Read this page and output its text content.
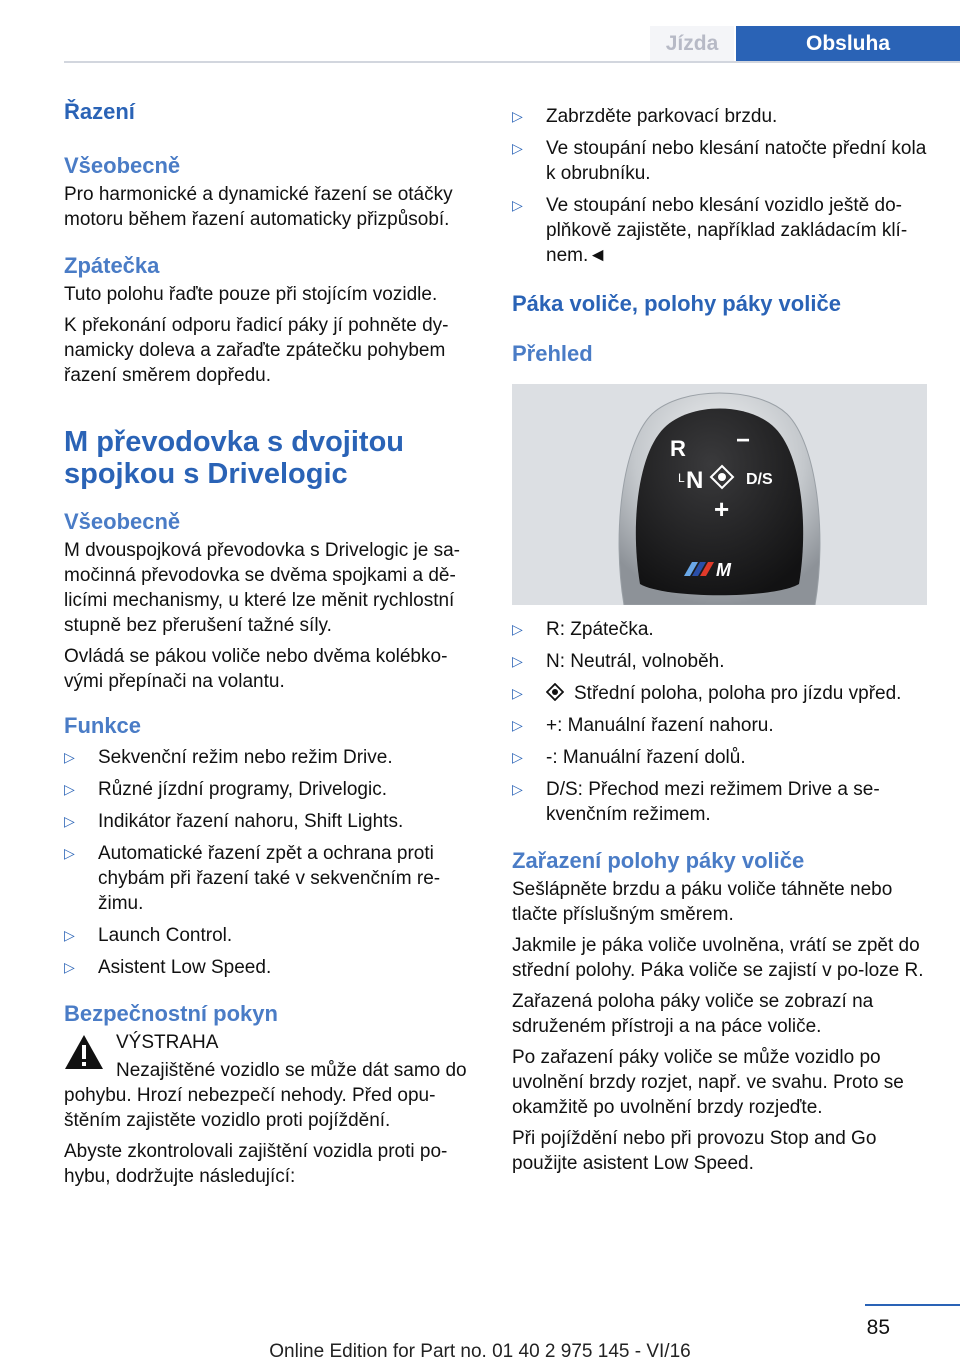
Jízda	Obsluha
Řazení
Všeobecně

Pro harmonické a dynamické řazení se otáčky motoru během řazení automaticky přizpůsobí.

Zpátečka

Tuto polohu řaďte pouze při stojícím vozidle.

K překonání odporu řadicí páky jí pohněte dy‐namicky doleva a zařaďte zpátečku pohybem řazení směrem dopředu.

M převodovka s dvojitou spojkou s Drivelogic
Všeobecně

M dvouspojková převodovka s Drivelogic je sa‐močinná převodovka se dvěma spojkami a dě‐licími mechanismy, u které lze měnit rychlostní stupně bez přerušení tažné síly.

Ovládá se pákou voliče nebo dvěma kolébko‐vými přepínači na volantu.

Funkce
▷ Sekvenční režim nebo režim Drive.
▷ Různé jízdní programy, Drivelogic.
▷ Indikátor řazení nahoru, Shift Lights.
▷ Automatické řazení zpět a ochrana proti chybám při řazení také v sekvenčním re‐žimu.
▷ Launch Control.
▷ Asistent Low Speed.
Bezpečnostní pokyn

VÝSTRAHA

Nezajištěné vozidlo se může dát samo do pohybu. Hrozí nebezpečí nehody. Před opu‐štěním zajistěte vozidlo proti pojíždění.

Abyste zkontrolovali zajištění vozidla proti po‐hybu, dodržujte následující:

▷ Zabrzděte parkovací brzdu.
▷ Ve stoupání nebo klesání natočte přední kola k obrubníku.
▷ Ve stoupání nebo klesání vozidlo ještě do‐plňkově zajistěte, například zakládacím klí‐nem.◄
Páka voliče, polohy páky voliče
Přehled
R −
L N	D/S
+
M
▷ R: Zpátečka.
▷ N: Neutrál, volnoběh.
▷	Střední poloha, poloha pro jízdu vpřed.
▷ +: Manuální řazení nahoru.
▷ -: Manuální řazení dolů.
▷ D/S: Přechod mezi režimem Drive a se‐kvenčním režimem.
Zařazení polohy páky voliče

Sešlápněte brzdu a páku voliče táhněte nebo tlačte příslušným směrem.

Jakmile je páka voliče uvolněna, vrátí se zpět do střední polohy. Páka voliče se zajistí v po‐loze R.

Zařazená poloha páky voliče se zobrazí na sdruženém přístroji a na páce voliče.

Po zařazení páky voliče se může vozidlo po uvolnění brzdy rozjet, např. ve svahu. Proto se okamžitě po uvolnění brzdy rozjeďte.

Při pojíždění nebo při provozu Stop and Go použijte asistent Low Speed.

85
Online Edition for Part no. 01 40 2 975 145 - VI/16
